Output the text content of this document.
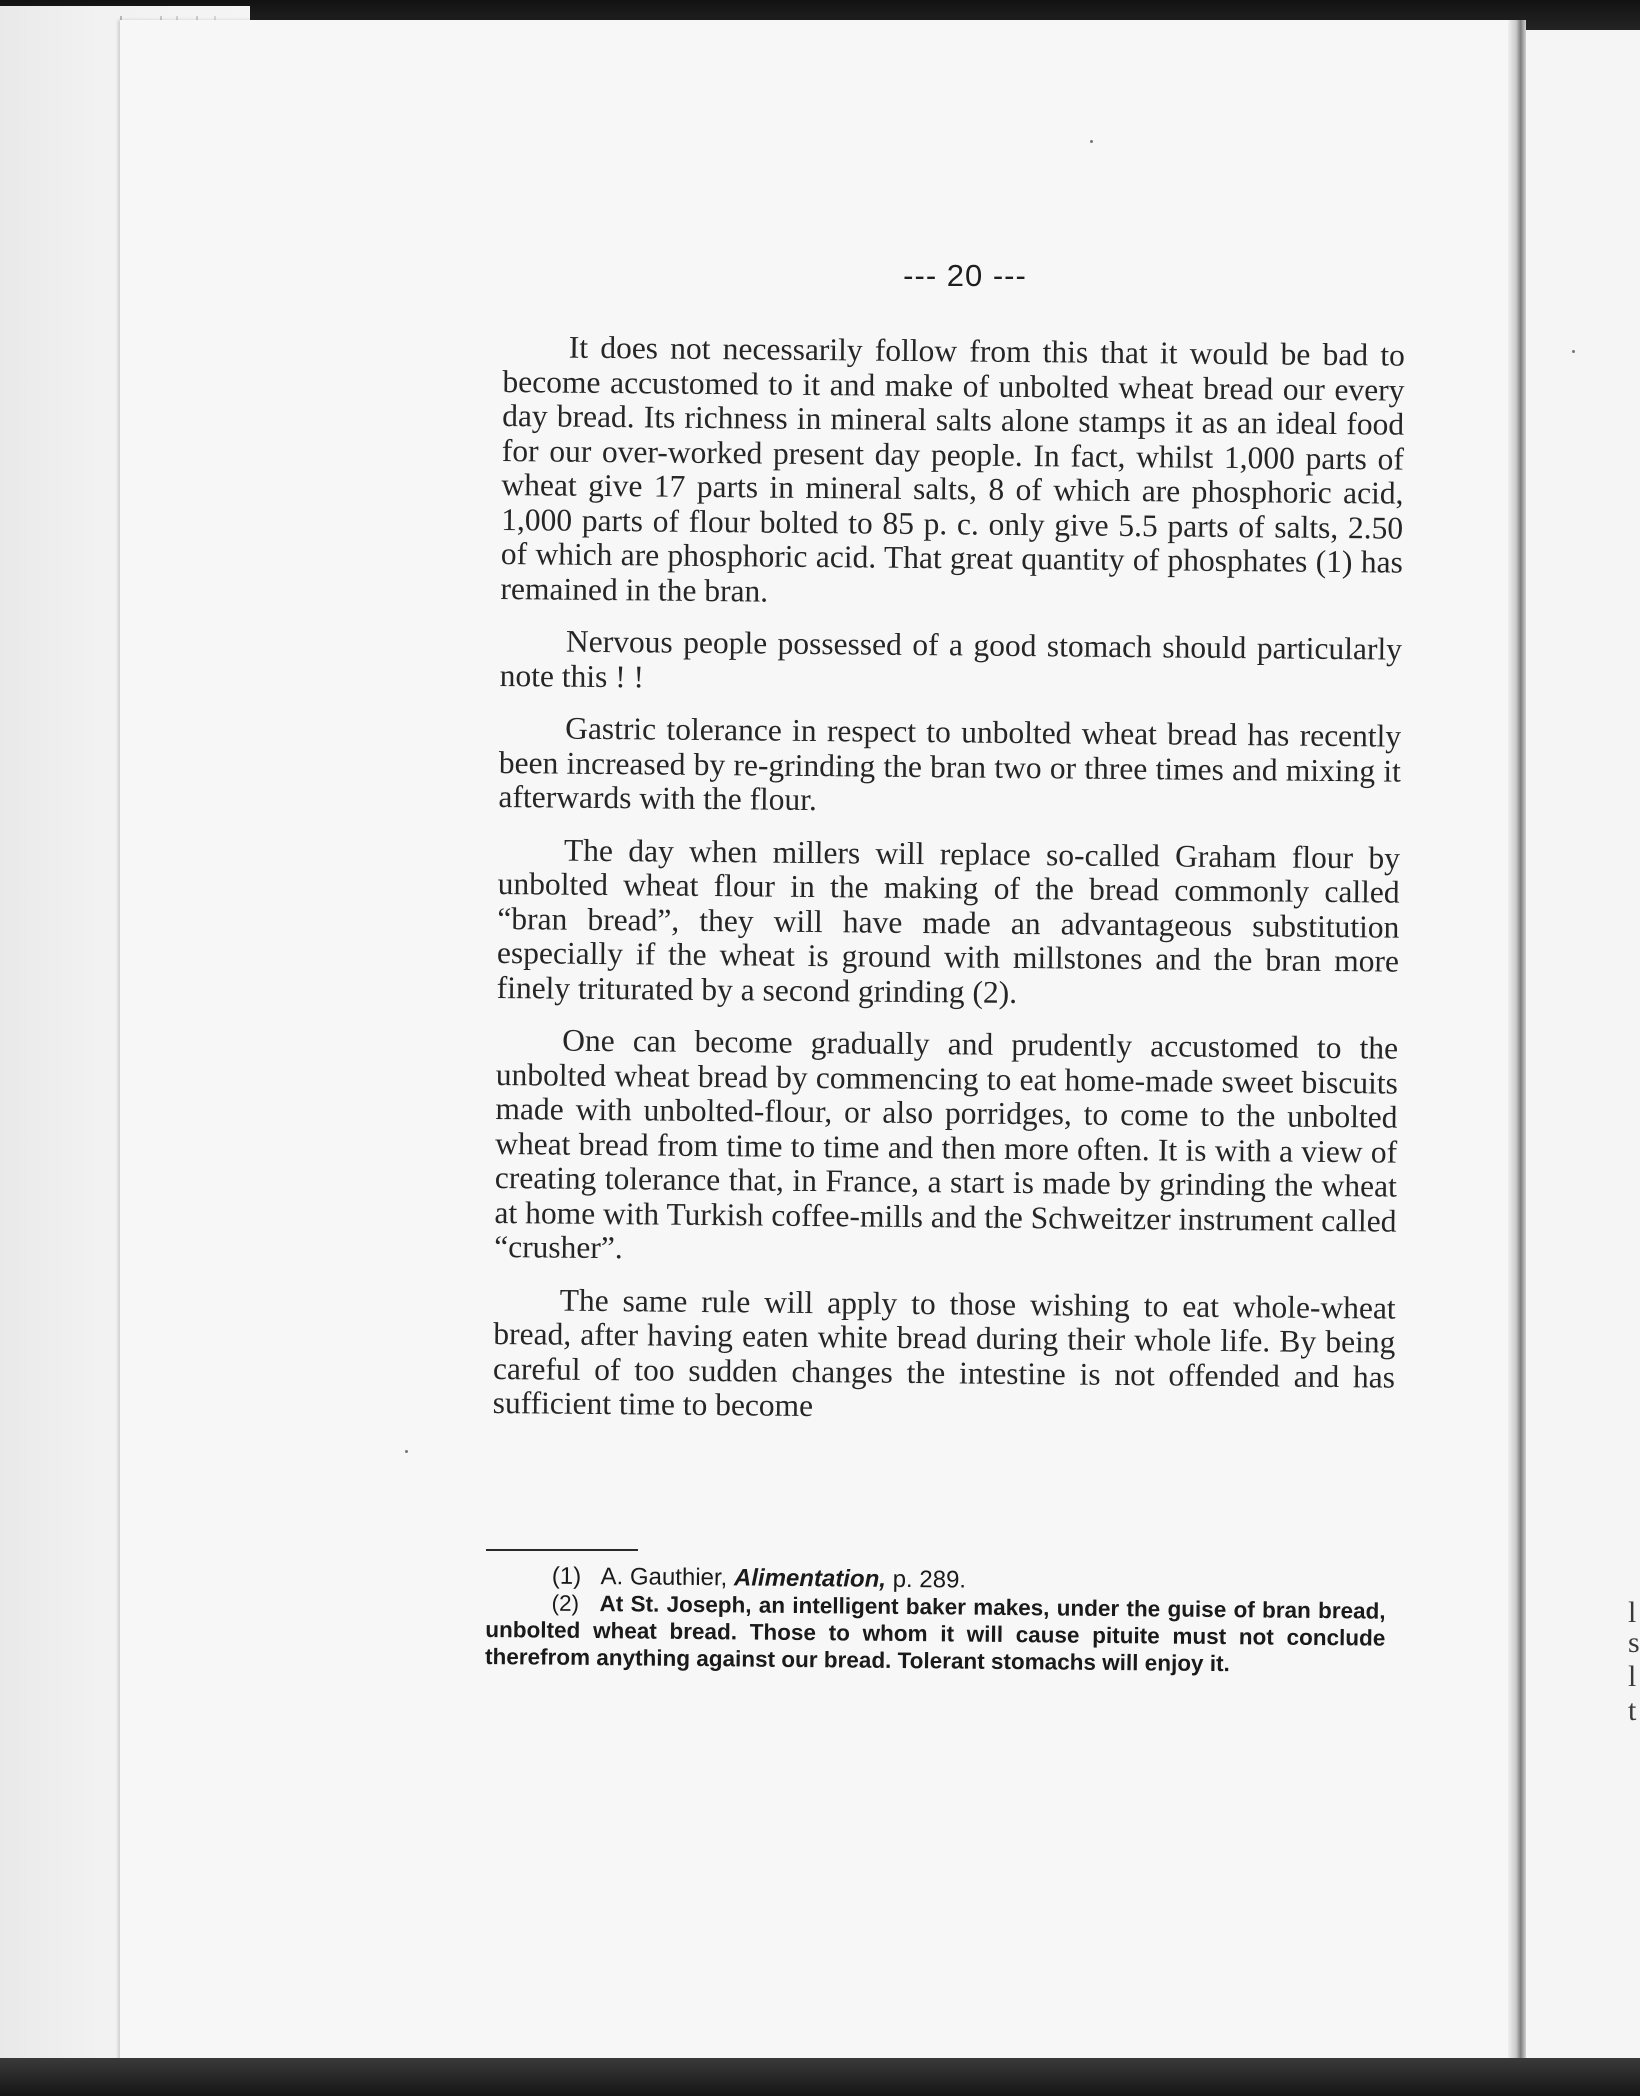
l
s
l
t
--- 20 ---

It does not necessarily follow from this that it would be bad to become accustomed to it and make of unbolted wheat bread our every day bread. Its richness in mineral salts alone stamps it as an ideal food for our over-worked present day people. In fact, whilst 1,000 parts of wheat give 17 parts in mineral salts, 8 of which are phosphoric acid, 1,000 parts of flour bolted to 85 p. c. only give 5.5 parts of salts, 2.50 of which are phosphoric acid. That great quantity of phosphates (1) has remained in the bran.

Nervous people possessed of a good stomach should particularly note this ! !

Gastric tolerance in respect to unbolted wheat bread has recently been increased by re-grinding the bran two or three times and mixing it afterwards with the flour.

The day when millers will replace so-called Graham flour by unbolted wheat flour in the making of the bread commonly called “bran bread”, they will have made an advantageous substitution especially if the wheat is ground with millstones and the bran more finely triturated by a second grinding (2).

One can become gradually and prudently accustomed to the unbolted wheat bread by commencing to eat home-made sweet biscuits made with unbolted-flour, or also porridges, to come to the unbolted wheat bread from time to time and then more often. It is with a view of creating tolerance that, in France, a start is made by grinding the wheat at home with Turkish coffee-mills and the Schweitzer instrument called “crusher”.

The same rule will apply to those wishing to eat whole-wheat bread, after having eaten white bread during their whole life. By being careful of too sudden changes the intestine is not offended and has sufficient time to become

(1) A. Gauthier, Alimentation, p. 289.

(2) At St. Joseph, an intelligent baker makes, under the guise of bran bread, unbolted wheat bread. Those to whom it will cause pituite must not conclude therefrom anything against our bread. Tolerant stomachs will enjoy it.
